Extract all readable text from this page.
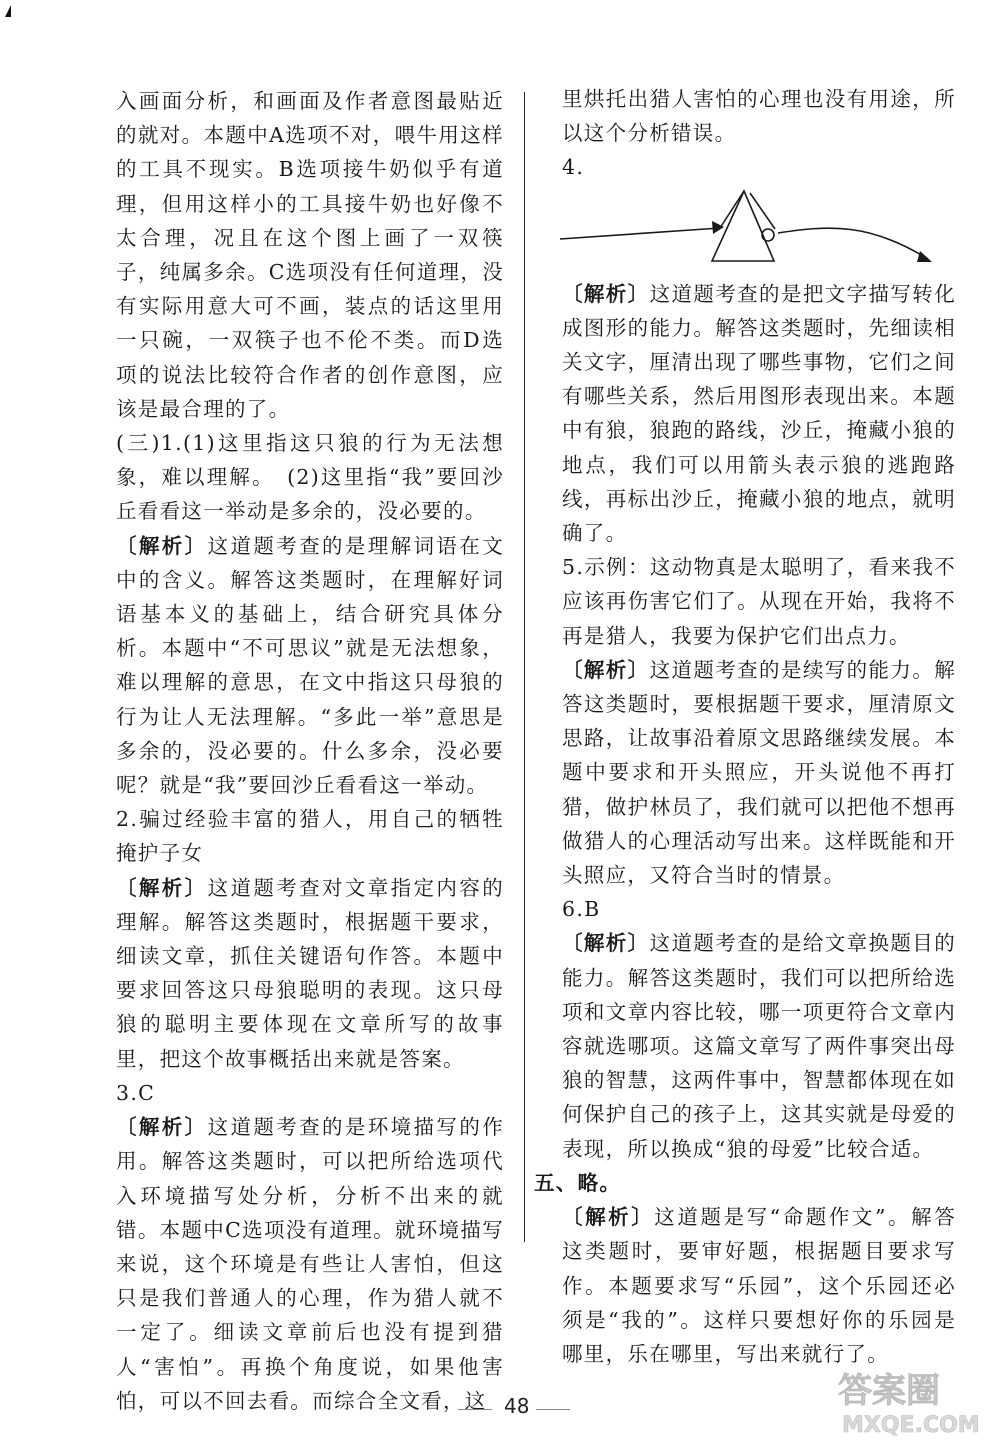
入画面分析，和画面及作者意图最贴近的就对。本题中A选项不对，喂牛用这样的工具不现实。B选项接牛奶似乎有道理，但用这样小的工具接牛奶也好像不太合理，况且在这个图上画了一双筷子，纯属多余。C选项没有任何道理，没有实际用意大可不画，装点的话这里用一只碗，一双筷子也不伦不类。而D选项的说法比较符合作者的创作意图，应该是最合理的了。

(三)1.(1)这里指这只狼的行为无法想象，难以理解。　(2)这里指“我”要回沙丘看看这一举动是多余的，没必要的。

〔解析〕这道题考查的是理解词语在文中的含义。解答这类题时，在理解好词语基本义的基础上，结合研究具体分析。本题中“不可思议”就是无法想象，难以理解的意思，在文中指这只母狼的行为让人无法理解。“多此一举”意思是多余的，没必要的。什么多余，没必要呢？就是“我”要回沙丘看看这一举动。

2.骗过经验丰富的猎人，用自己的牺牲掩护子女

〔解析〕这道题考查对文章指定内容的理解。解答这类题时，根据题干要求，细读文章，抓住关键语句作答。本题中要求回答这只母狼聪明的表现。这只母狼的聪明主要体现在文章所写的故事里，把这个故事概括出来就是答案。

3.C

〔解析〕这道题考查的是环境描写的作用。解答这类题时，可以把所给选项代入环境描写处分析，分析不出来的就错。本题中C选项没有道理。就环境描写来说，这个环境是有些让人害怕，但这只是我们普通人的心理，作为猎人就不一定了。细读文章前后也没有提到猎人“害怕”。再换个角度说，如果他害怕，可以不回去看。而综合全文看，这

里烘托出猎人害怕的心理也没有用途，所以这个分析错误。

4.

〔解析〕这道题考查的是把文字描写转化成图形的能力。解答这类题时，先细读相关文字，厘清出现了哪些事物，它们之间有哪些关系，然后用图形表现出来。本题中有狼，狼跑的路线，沙丘，掩藏小狼的地点，我们可以用箭头表示狼的逃跑路线，再标出沙丘，掩藏小狼的地点，就明确了。

5.示例：这动物真是太聪明了，看来我不应该再伤害它们了。从现在开始，我将不再是猎人，我要为保护它们出点力。

〔解析〕这道题考查的是续写的能力。解答这类题时，要根据题干要求，厘清原文思路，让故事沿着原文思路继续发展。本题中要求和开头照应，开头说他不再打猎，做护林员了，我们就可以把他不想再做猎人的心理活动写出来。这样既能和开头照应，又符合当时的情景。

6.B

〔解析〕这道题考查的是给文章换题目的能力。解答这类题时，我们可以把所给选项和文章内容比较，哪一项更符合文章内容就选哪项。这篇文章写了两件事突出母狼的智慧，这两件事中，智慧都体现在如何保护自己的孩子上，这其实就是母爱的表现，所以换成“狼的母爱”比较合适。

五、略。

〔解析〕这道题是写“命题作文”。解答这类题时，要审好题，根据题目要求写作。本题要求写“乐园”，这个乐园还必须是“我的”。这样只要想好你的乐园是哪里，乐在哪里，写出来就行了。

48	答案圈
MXQE.COM
